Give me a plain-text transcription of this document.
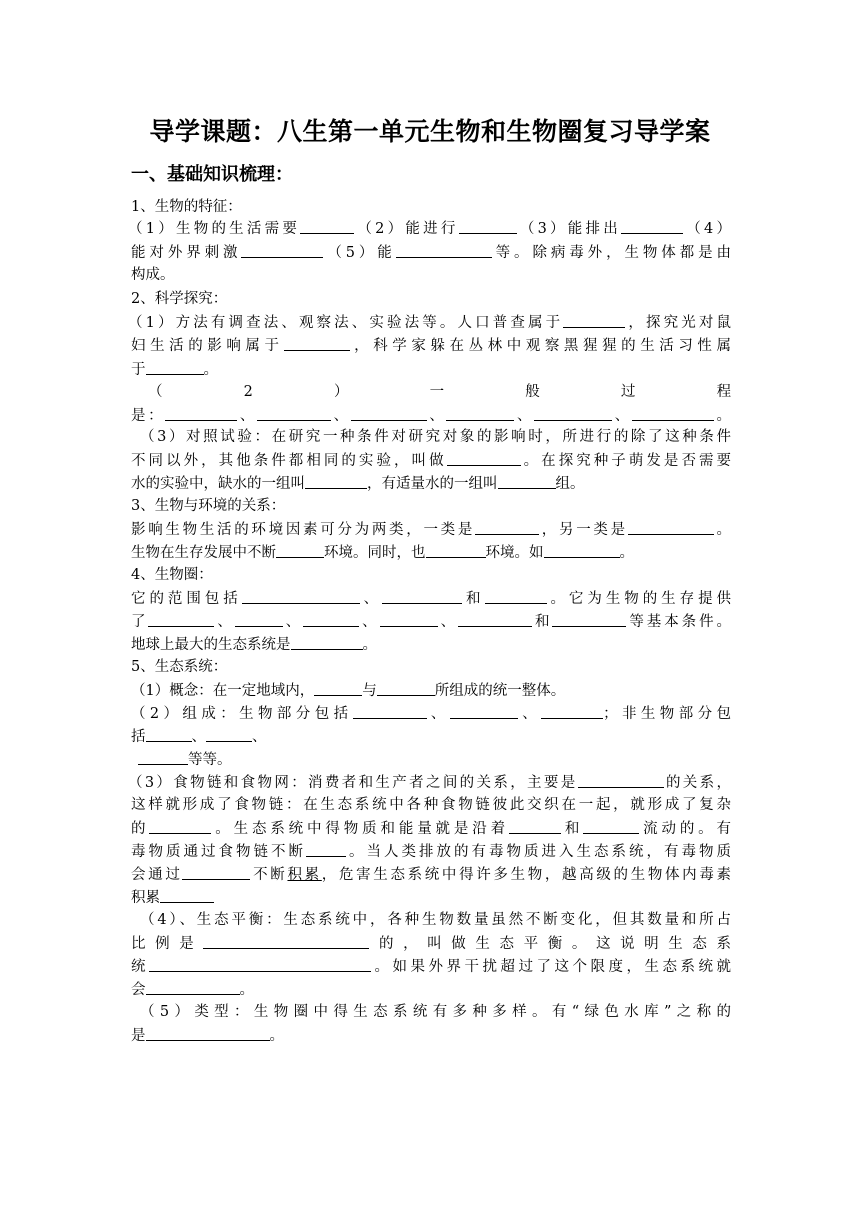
导学课题：八生第一单元生物和生物圈复习导学案
一、基础知识梳理：
1、生物的特征：
（1）生物的生活需要	（2）能进行	（3）能排出	（4）
能对外界刺激	（5）能	等。除病毒外，生物体都是由
构成。
2、科学探究：
（1）方法有调查法、观察法、实验法等。人口普查属于	，探究光对鼠
妇生活的影响属于	，科学家躲在丛林中观察黑猩猩的生活习性属
于	。
（2）一般过程
是：	、	、	、	、	、	。
（3）对照试验：在研究一种条件对研究对象的影响时，所进行的除了这种条件
不同以外，其他条件都相同的实验，叫做	。在探究种子萌发是否需要
水的实验中，缺水的一组叫	，有适量水的一组叫	组。
3、生物与环境的关系：
影响生物生活的环境因素可分为两类，一类是	，另一类是	。
生物在生存发展中不断	环境。同时，也	环境。如	。
4、生物圈：
它的范围包括	、	和	。它为生物的生存提供
了	、	、	、	、	和	等基本条件。
地球上最大的生态系统是	。
5、生态系统：
（1）概念：在一定地域内，	与	所组成的统一整体。
（2）组成：生物部分包括	、	、	；非生物部分包
括	、	、
等等。
（3）食物链和食物网：消费者和生产者之间的关系，主要是	的关系，
这样就形成了食物链：在生态系统中各种食物链彼此交织在一起，就形成了复杂
的	。生态系统中得物质和能量就是沿着	和	流动的。有
毒物质通过食物链不断	。当人类排放的有毒物质进入生态系统，有毒物质
会通过	不断积累，危害生态系统中得许多生物，越高级的生物体内毒素
积累
（4）、生态平衡：生态系统中，各种生物数量虽然不断变化，但其数量和所占
比例是	的，叫做生态平衡。这说明生态系
统	。如果外界干扰超过了这个限度，生态系统就
会	。
（5）类型：生物圈中得生态系统有多种多样。有“绿色水库”之称的
是	。
